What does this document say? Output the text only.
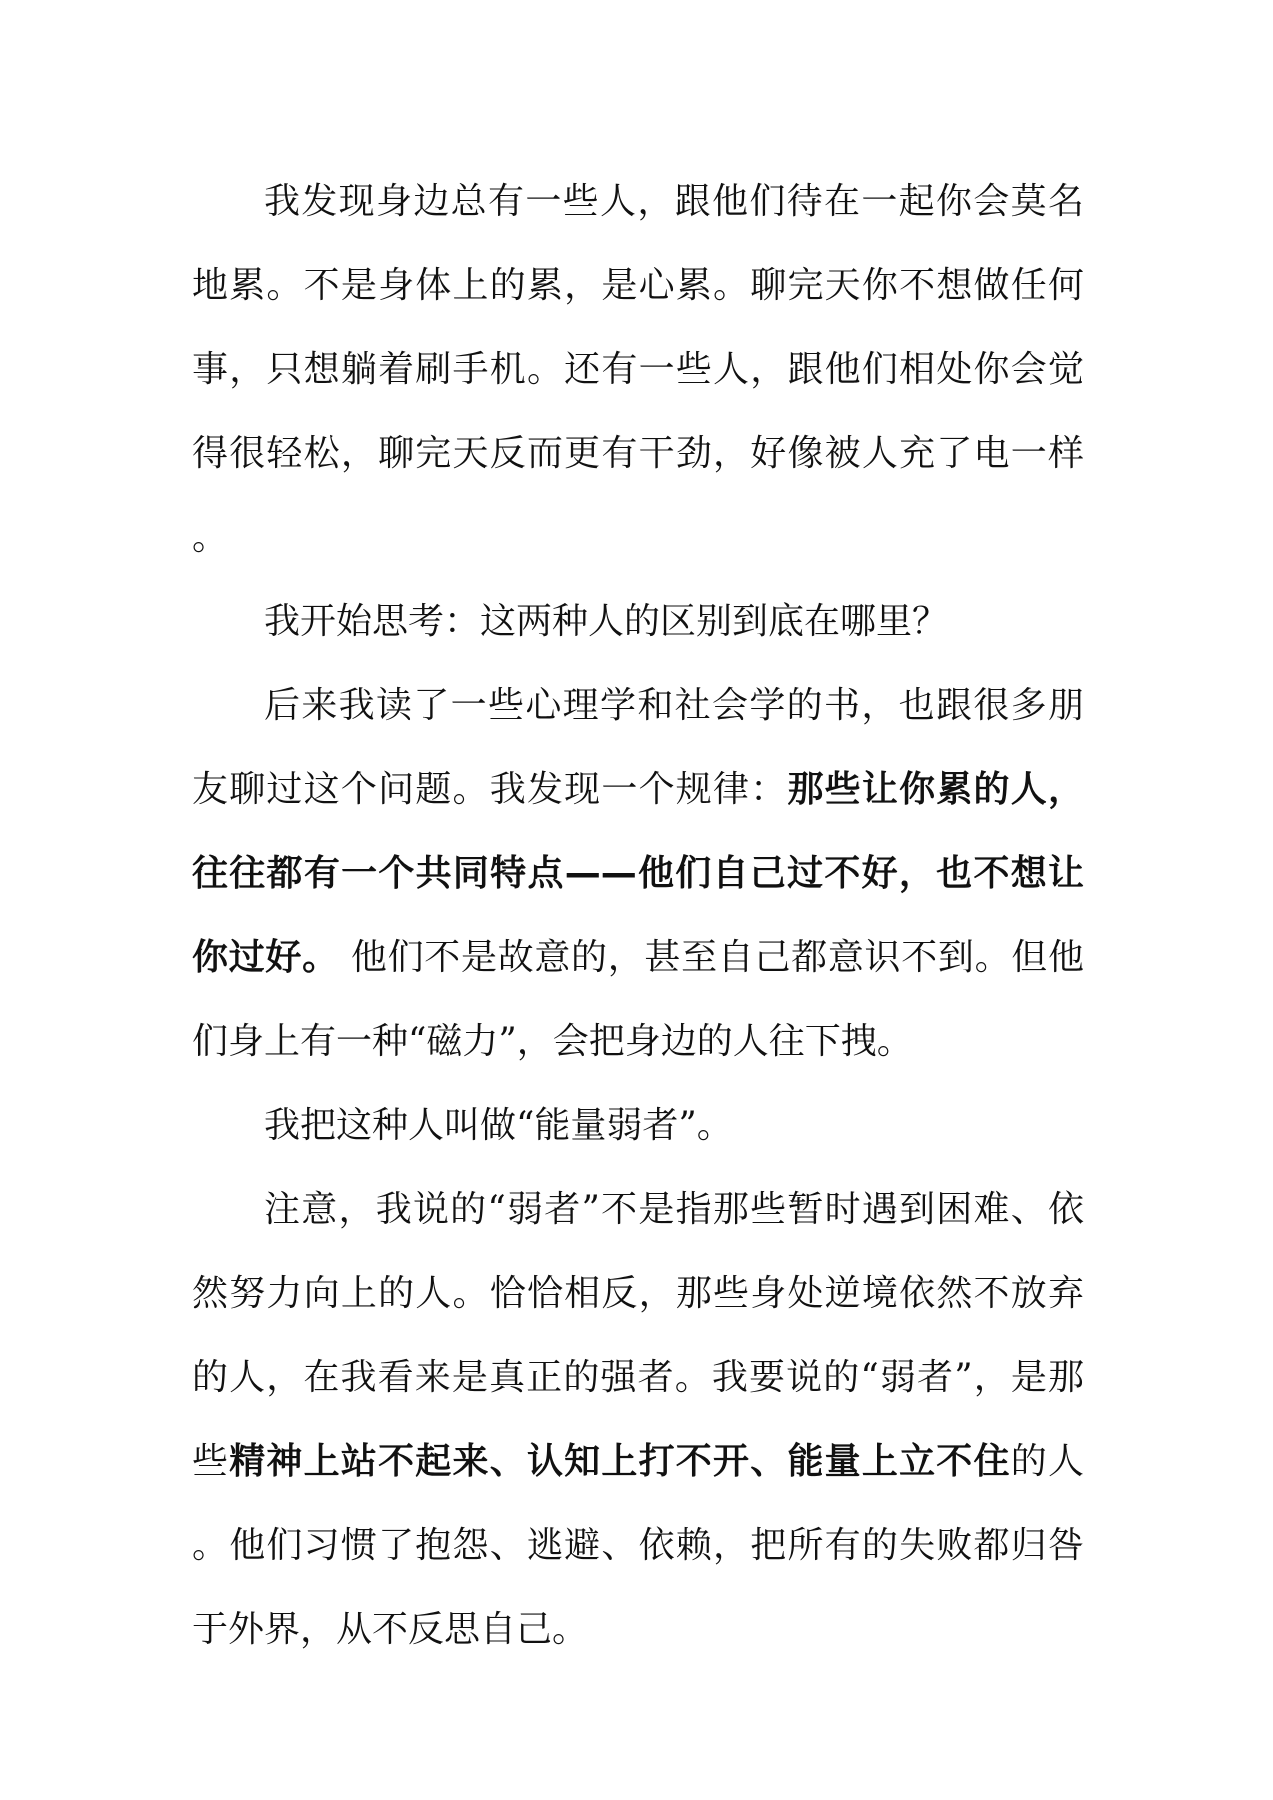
我发现身边总有一些人，跟他们待在一起你会莫名地累。不是身体上的累，是心累。聊完天你不想做任何事，只想躺着刷手机。还有一些人，跟他们相处你会觉得很轻松，聊完天反而更有干劲，好像被人充了电一样。

我开始思考：这两种人的区别到底在哪里？

后来我读了一些心理学和社会学的书，也跟很多朋友聊过这个问题。我发现一个规律：那些让你累的人，往往都有一个共同特点——他们自己过不好，也不想让你过好。 他们不是故意的，甚至自己都意识不到。但他们身上有一种“磁力”，会把身边的人往下拽。

我把这种人叫做“能量弱者”。

注意，我说的“弱者”不是指那些暂时遇到困难、依然努力向上的人。恰恰相反，那些身处逆境依然不放弃的人，在我看来是真正的强者。我要说的“弱者”，是那些精神上站不起来、认知上打不开、能量上立不住的人。他们习惯了抱怨、逃避、依赖，把所有的失败都归咎于外界，从不反思自己。
